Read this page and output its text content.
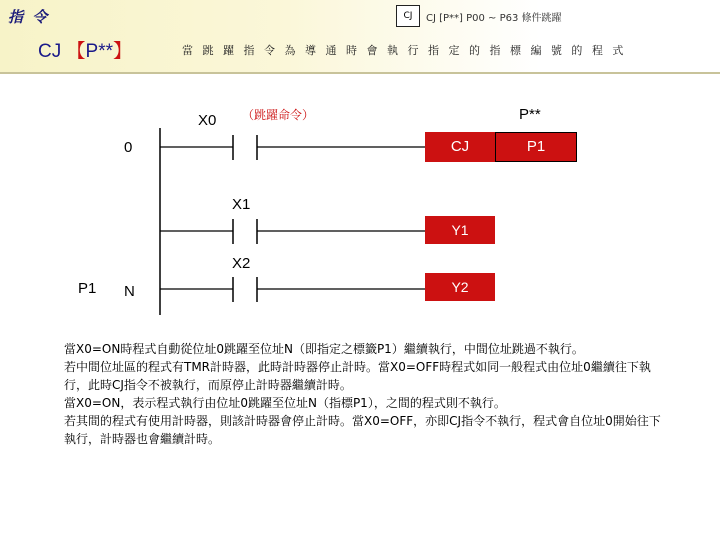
指 令
CJ 【P**】	當 跳 躍 指 令 為 導 通 時 會 執 行 指 定 的 指 標 編 號 的 程 式
CJ	CJ [P**] P00 ~ P63 條件跳躍
X0 （跳躍命令）	P**
0	CJ	P1
X1
Y1
X2
Y2
P1 N

當X0=ON時程式自動從位址0跳躍至位址N（即指定之標籤P1）繼續執行，中間位址跳過不執行。

若中間位址區的程式有TMR計時器，此時計時器停止計時。當X0=OFF時程式如同一般程式由位址0繼續往下執行，此時CJ指令不被執行，而原停止計時器繼續計時。

當X0=ON，表示程式執行由位址0跳躍至位址N（指標P1），之間的程式則不執行。

若其間的程式有使用計時器，則該計時器會停止計時。當X0=OFF，亦即CJ指令不執行，程式會自位址0開始往下執行，計時器也會繼續計時。
